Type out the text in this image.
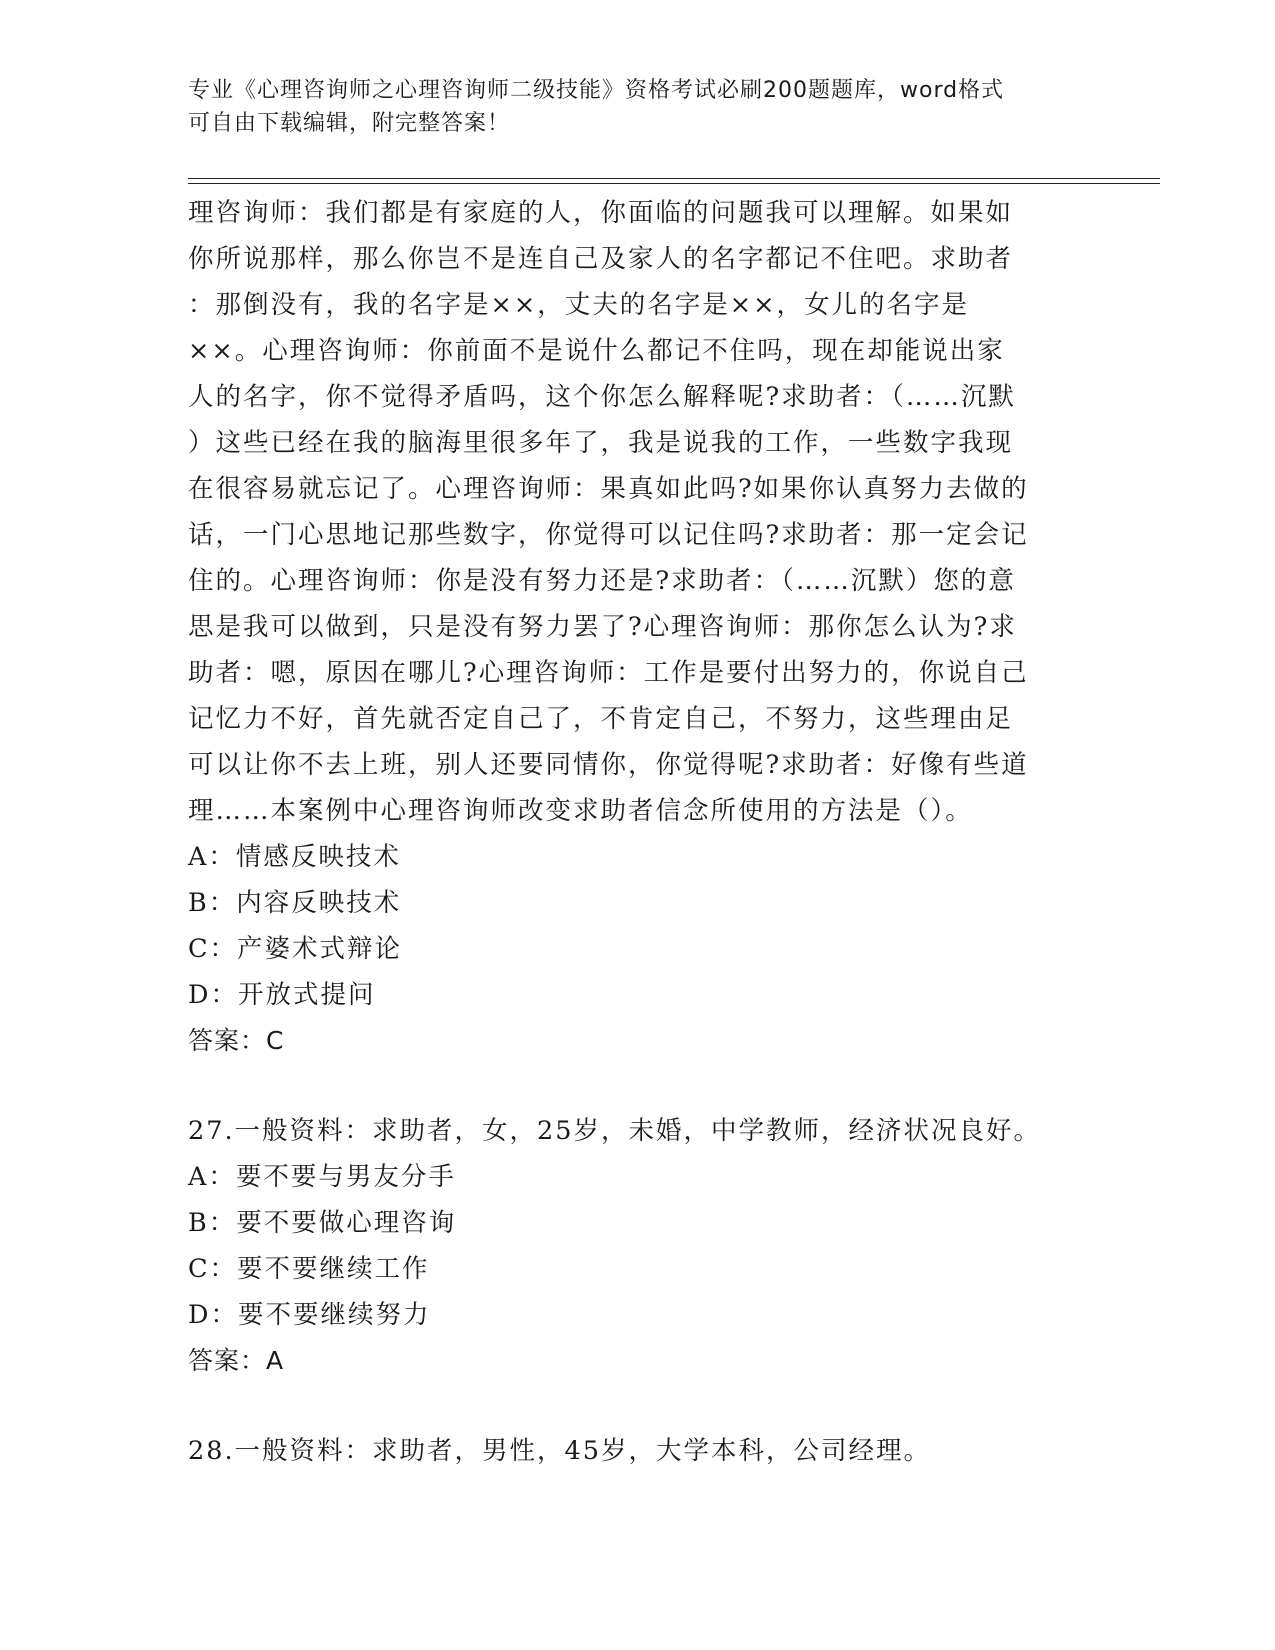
专业《心理咨询师之心理咨询师二级技能》资格考试必刷200题题库，word格式
可自由下载编辑，附完整答案！
理咨询师：我们都是有家庭的人，你面临的问题我可以理解。如果如
你所说那样，那么你岂不是连自己及家人的名字都记不住吧。求助者
：那倒没有，我的名字是××，丈夫的名字是××，女儿的名字是
××。心理咨询师：你前面不是说什么都记不住吗，现在却能说出家
人的名字，你不觉得矛盾吗，这个你怎么解释呢?求助者：（……沉默
）这些已经在我的脑海里很多年了，我是说我的工作，一些数字我现
在很容易就忘记了。心理咨询师：果真如此吗?如果你认真努力去做的
话，一门心思地记那些数字，你觉得可以记住吗?求助者：那一定会记
住的。心理咨询师：你是没有努力还是?求助者：（……沉默）您的意
思是我可以做到，只是没有努力罢了?心理咨询师：那你怎么认为?求
助者：嗯，原因在哪儿?心理咨询师：工作是要付出努力的，你说自己
记忆力不好，首先就否定自己了，不肯定自己，不努力，这些理由足
可以让你不去上班，别人还要同情你，你觉得呢?求助者：好像有些道
理……本案例中心理咨询师改变求助者信念所使用的方法是（）。
A：情感反映技术
B：内容反映技术
C：产婆术式辩论
D：开放式提问
答案：C
27.一般资料：求助者，女，25岁，未婚，中学教师，经济状况良好。
A：要不要与男友分手
B：要不要做心理咨询
C：要不要继续工作
D：要不要继续努力
答案：A
28.一般资料：求助者，男性，45岁，大学本科，公司经理。
